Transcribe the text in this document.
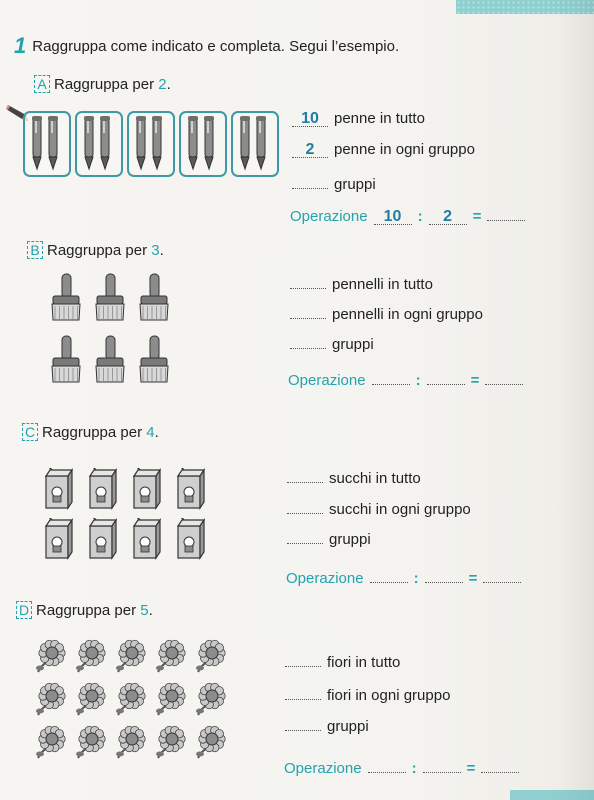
1 Raggruppa come indicato e completa. Segui l’esempio.
A Raggruppa per 2.
10 penne in tutto
2 penne in ogni gruppo
gruppi
Operazione 10 : 2 =
B Raggruppa per 3.
pennelli in tutto
pennelli in ogni gruppo
gruppi
Operazione	:	=
C Raggruppa per 4.
succhi in tutto
succhi in ogni gruppo
gruppi
Operazione	:	=
D Raggruppa per 5.
fiori in tutto
fiori in ogni gruppo
gruppi
Operazione	:	=
